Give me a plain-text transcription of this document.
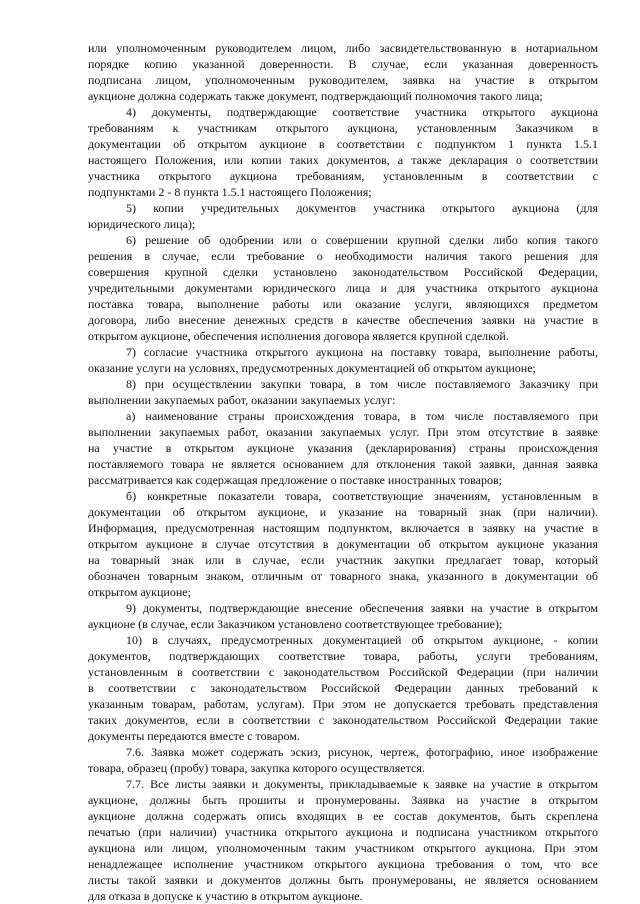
или уполномоченным руководителем лицом, либо засвидетельствованную в нотариальном
порядке копию указанной доверенности. В случае, если указанная доверенность
подписана лицом, уполномоченным руководителем, заявка на участие в открытом
аукционе должна содержать также документ, подтверждающий полномочия такого лица;
4) документы, подтверждающие соответствие участника открытого аукциона
требованиям к участникам открытого аукциона, установленным Заказчиком в
документации об открытом аукционе в соответствии с подпунктом 1 пункта 1.5.1
настоящего Положения, или копии таких документов, а также декларация о соответствии
участника открытого аукциона требованиям, установленным в соответствии с
подпунктами 2 - 8 пункта 1.5.1 настоящего Положения;
5) копии учредительных документов участника открытого аукциона (для
юридического лица);
6) решение об одобрении или о совершении крупной сделки либо копия такого
решения в случае, если требование о необходимости наличия такого решения для
совершения крупной сделки установлено законодательством Российской Федерации,
учредительными документами юридического лица и для участника открытого аукциона
поставка товара, выполнение работы или оказание услуги, являющихся предметом
договора, либо внесение денежных средств в качестве обеспечения заявки на участие в
открытом аукционе, обеспечения исполнения договора является крупной сделкой.
7) согласие участника открытого аукциона на поставку товара, выполнение работы,
оказание услуги на условиях, предусмотренных документацией об открытом аукционе;
8) при осуществлении закупки товара, в том числе поставляемого Заказчику при
выполнении закупаемых работ, оказании закупаемых услуг:
а) наименование страны происхождения товара, в том числе поставляемого при
выполнении закупаемых работ, оказании закупаемых услуг. При этом отсутствие в заявке
на участие в открытом аукционе указания (декларирования) страны происхождения
поставляемого товара не является основанием для отклонения такой заявки, данная заявка
рассматривается как содержащая предложение о поставке иностранных товаров;
б) конкретные показатели товара, соответствующие значениям, установленным в
документации об открытом аукционе, и указание на товарный знак (при наличии).
Информация, предусмотренная настоящим подпунктом, включается в заявку на участие в
открытом аукционе в случае отсутствия в документации об открытом аукционе указания
на товарный знак или в случае, если участник закупки предлагает товар, который
обозначен товарным знаком, отличным от товарного знака, указанного в документации об
открытом аукционе;
9) документы, подтверждающие внесение обеспечения заявки на участие в открытом
аукционе (в случае, если Заказчиком установлено соответствующее требование);
10) в случаях, предусмотренных документацией об открытом аукционе, - копии
документов, подтверждающих соответствие товара, работы, услуги требованиям,
установленным в соответствии с законодательством Российской Федерации (при наличии
в соответствии с законодательством Российской Федерации данных требований к
указанным товарам, работам, услугам). При этом не допускается требовать представления
таких документов, если в соответствии с законодательством Российской Федерации такие
документы передаются вместе с товаром.
7.6. Заявка может содержать эскиз, рисунок, чертеж, фотографию, иное изображение
товара, образец (пробу) товара, закупка которого осуществляется.
7.7. Все листы заявки и документы, прикладываемые к заявке на участие в открытом
аукционе, должны быть прошиты и пронумерованы. Заявка на участие в открытом
аукционе должна содержать опись входящих в ее состав документов, быть скреплена
печатью (при наличии) участника открытого аукциона и подписана участником открытого
аукциона или лицом, уполномоченным таким участником открытого аукциона. При этом
ненадлежащее исполнение участником открытого аукциона требования о том, что все
листы такой заявки и документов должны быть пронумерованы, не является основанием
для отказа в допуске к участию в открытом аукционе.
